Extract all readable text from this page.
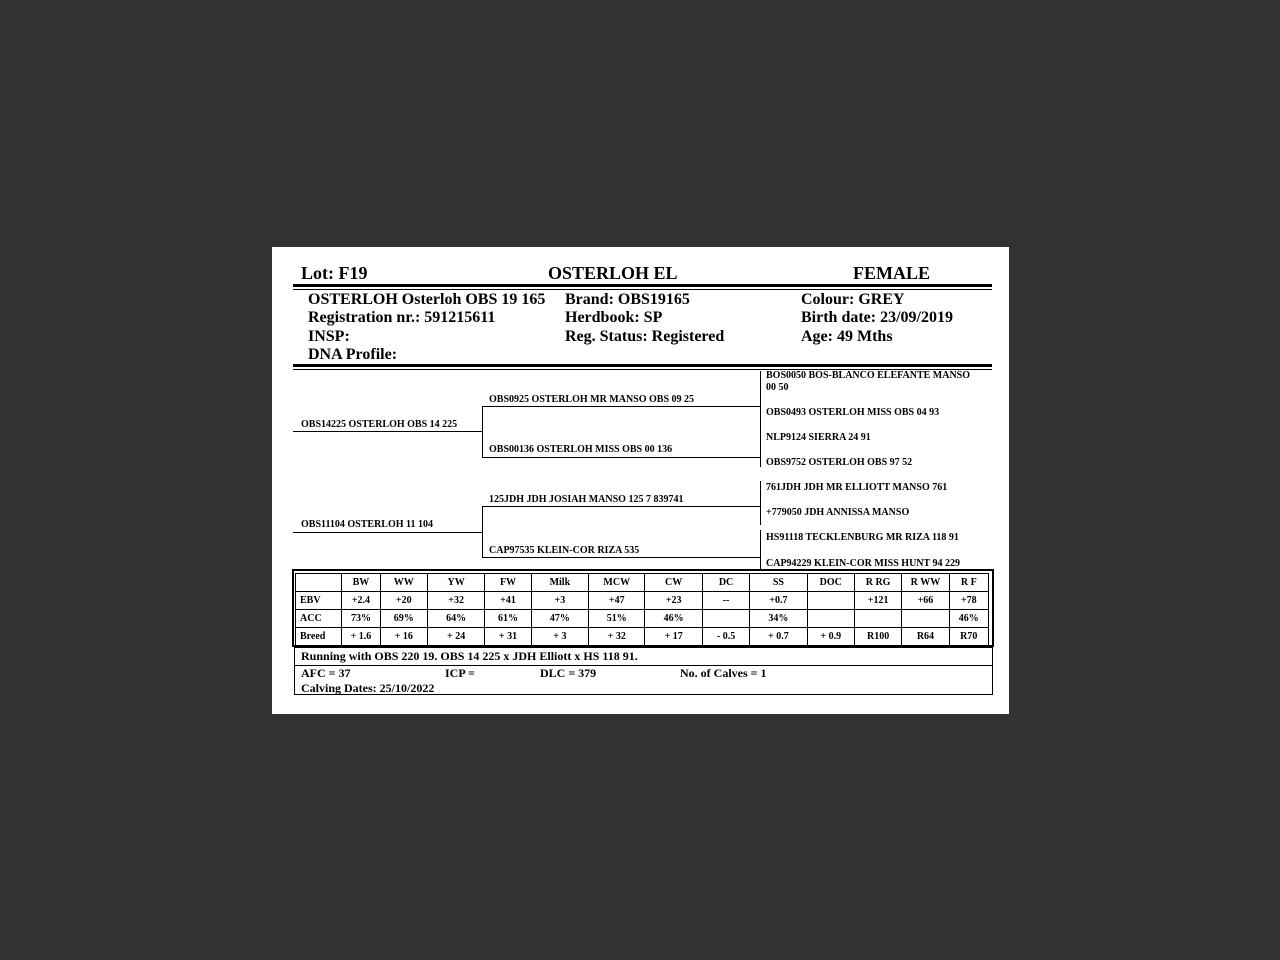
Lot: F19	OSTERLOH EL	FEMALE
OSTERLOH Osterloh OBS 19 165
Registration nr.: 591215611
INSP:
DNA Profile:
Brand: OBS19165
Herdbook: SP
Reg. Status: Registered
Colour: GREY
Birth date: 23/09/2019
Age: 49 Mths
OBS14225 OSTERLOH OBS 14 225
OBS11104 OSTERLOH 11 104
OBS0925 OSTERLOH MR MANSO OBS 09 25
OBS00136 OSTERLOH MISS OBS 00 136
125JDH JDH JOSIAH MANSO 125 7 839741
CAP97535 KLEIN-COR RIZA 535
BOS0050 BOS-BLANCO ELEFANTE MANSO
00 50
OBS0493 OSTERLOH MISS OBS 04 93
NLP9124 SIERRA 24 91
OBS9752 OSTERLOH OBS 97 52
761JDH JDH MR ELLIOTT MANSO 761
+779050 JDH ANNISSA MANSO
HS91118 TECKLENBURG MR RIZA 118 91
CAP94229 KLEIN-COR MISS HUNT 94 229
	BW	WW	YW	FW	Milk	MCW	CW	DC	SS	DOC	R RG	R WW	R F
EBV	+2.4	+20	+32	+41	+3	+47	+23	--	+0.7		+121	+66	+78
ACC	73%	69%	64%	61%	47%	51%	46%		34%				46%
Breed	+ 1.6	+ 16	+ 24	+ 31	+ 3	+ 32	+ 17	- 0.5	+ 0.7	+ 0.9	R100	R64	R70
Running with OBS 220 19. OBS 14 225 x JDH Elliott x HS 118 91.
AFC = 37	ICP =	DLC = 379	No. of Calves = 1
Calving Dates: 25/10/2022
